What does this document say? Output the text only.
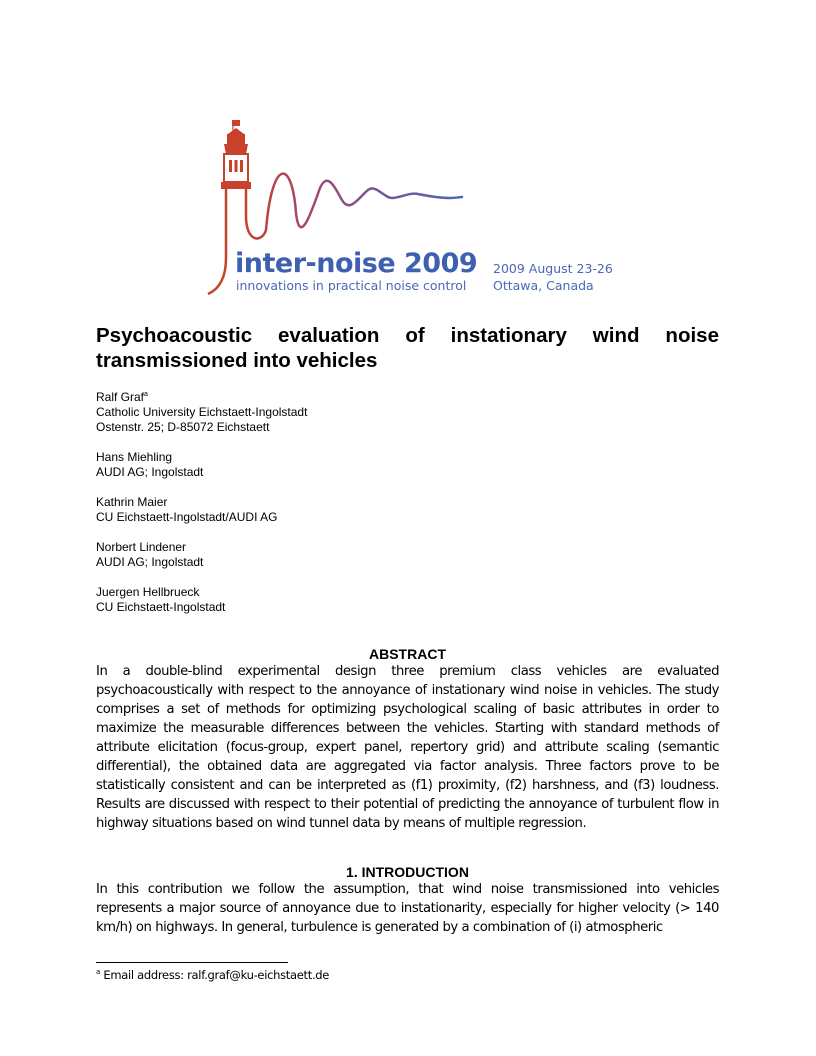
inter-noise 2009
innovations in practical noise control
2009 August 23-26
Ottawa, Canada
Psychoacoustic evaluation of instationary wind noise
transmissioned into vehicles
Ralf Graf$^a$
Catholic University Eichstaett-Ingolstadt
Ostenstr. 25; D-85072 Eichstaett
Hans Miehling
AUDI AG; Ingolstadt
Kathrin Maier
CU Eichstaett-Ingolstadt/AUDI AG
Norbert Lindener
AUDI AG; Ingolstadt
Juergen Hellbrueck
CU Eichstaett-Ingolstadt
ABSTRACT

In a double-blind experimental design three premium class vehicles are evaluated psychoacoustically with respect to the annoyance of instationary wind noise in vehicles. The study comprises a set of methods for optimizing psychological scaling of basic attributes in order to maximize the measurable differences between the vehicles. Starting with standard methods of attribute elicitation (focus-group, expert panel, repertory grid) and attribute scaling (semantic differential), the obtained data are aggregated via factor analysis. Three factors prove to be statistically consistent and can be interpreted as (f1) proximity, (f2) harshness, and (f3) loudness. Results are discussed with respect to their potential of predicting the annoyance of turbulent flow in highway situations based on wind tunnel data by means of multiple regression.

1. INTRODUCTION

In this contribution we follow the assumption, that wind noise transmissioned into vehicles represents a major source of annoyance due to instationarity, especially for higher velocity (> 140 km/h) on highways. In general, turbulence is generated by a combination of (i) atmospheric

$^a$ Email address: ralf.graf@ku-eichstaett.de
